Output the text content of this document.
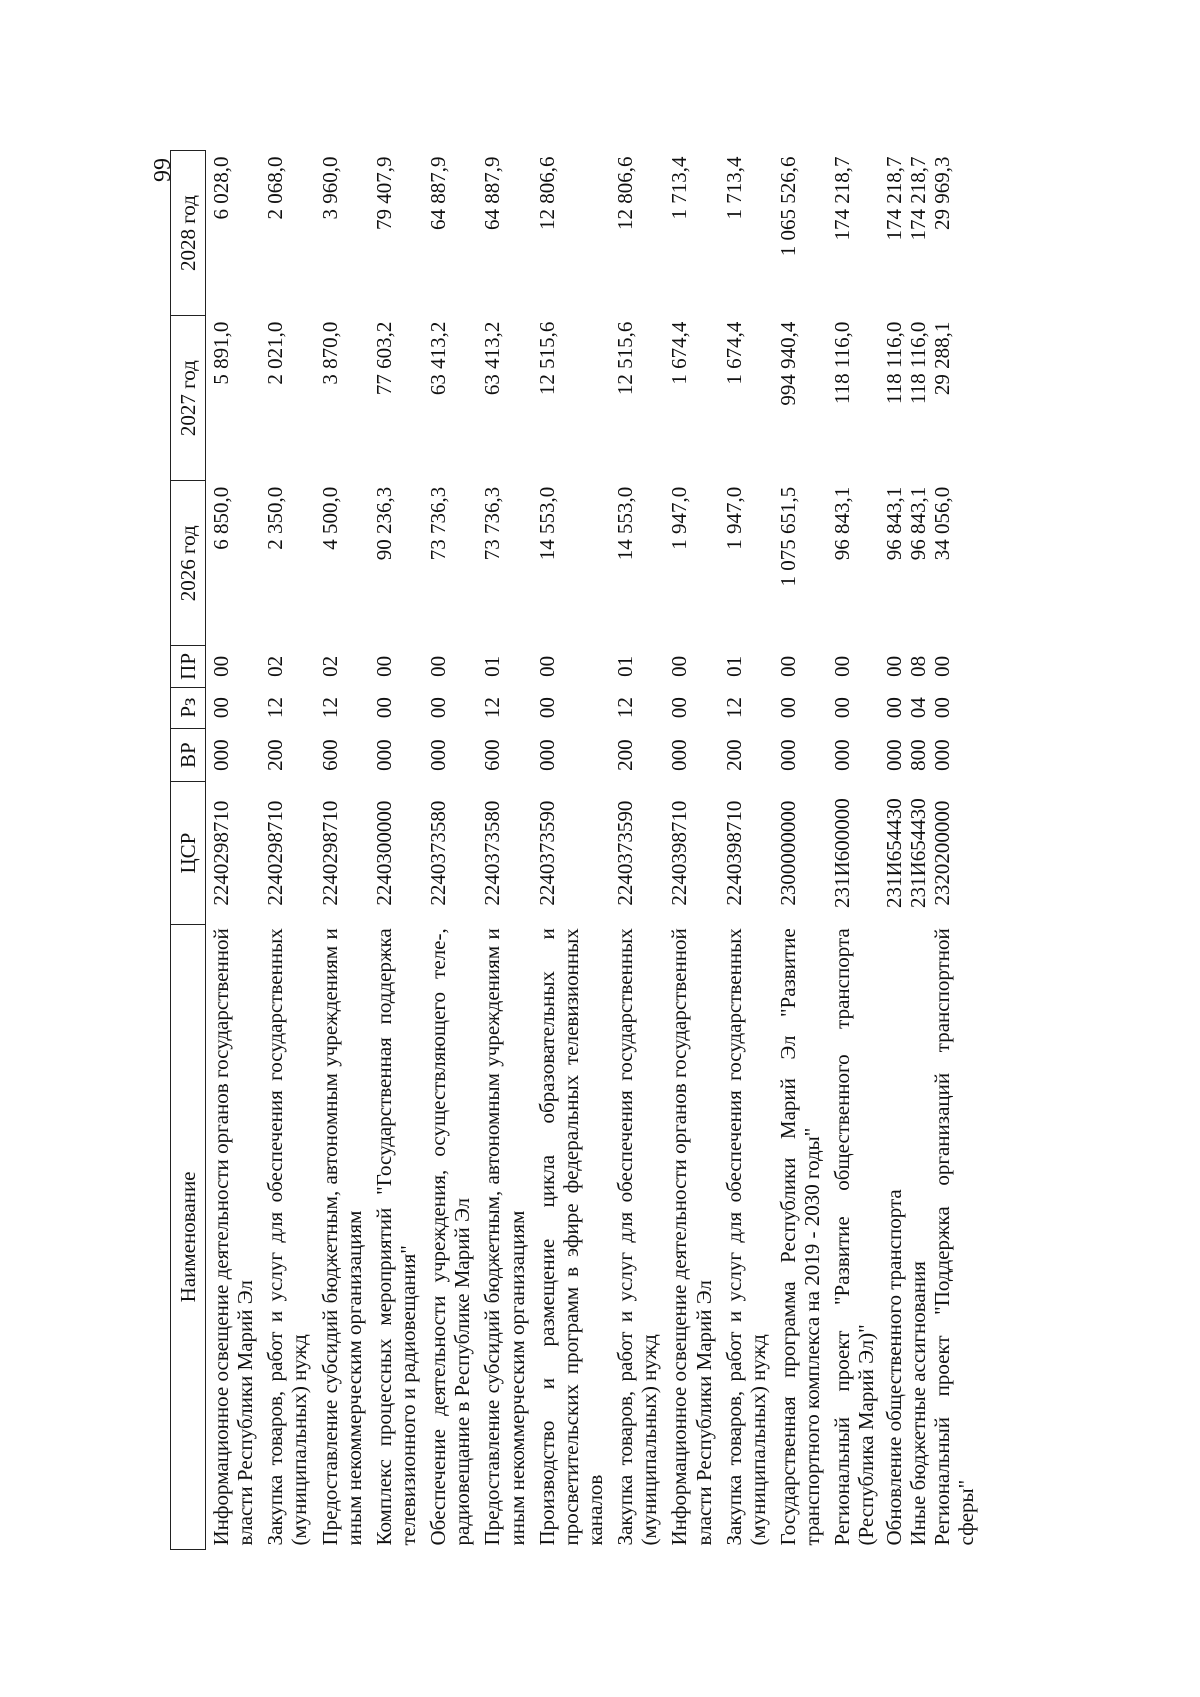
99
Наименование	ЦСР	ВР	Рз	ПР	2026 год	2027 год	2028 год
Информационное освещение деятельности органов государственной власти Республики Марий Эл	2240298710	000	00	00	6 850,0	5 891,0	6 028,0
Закупка товаров, работ и услуг для обеспечения государственных (муниципальных) нужд	2240298710	200	12	02	2 350,0	2 021,0	2 068,0
Предоставление субсидий бюджетным, автономным учреждениям и иным некоммерческим организациям	2240298710	600	12	02	4 500,0	3 870,0	3 960,0
Комплекс процессных мероприятий "Государственная поддержка телевизионного и радиовещания"	2240300000	000	00	00	90 236,3	77 603,2	79 407,9
Обеспечение деятельности учреждения, осуществляющего теле-, радиовещание в Республике Марий Эл	2240373580	000	00	00	73 736,3	63 413,2	64 887,9
Предоставление субсидий бюджетным, автономным учреждениям и иным некоммерческим организациям	2240373580	600	12	01	73 736,3	63 413,2	64 887,9
Производство и размещение цикла образовательных и просветительских программ в эфире федеральных телевизионных каналов	2240373590	000	00	00	14 553,0	12 515,6	12 806,6
Закупка товаров, работ и услуг для обеспечения государственных (муниципальных) нужд	2240373590	200	12	01	14 553,0	12 515,6	12 806,6
Информационное освещение деятельности органов государственной власти Республики Марий Эл	2240398710	000	00	00	1 947,0	1 674,4	1 713,4
Закупка товаров, работ и услуг для обеспечения государственных (муниципальных) нужд	2240398710	200	12	01	1 947,0	1 674,4	1 713,4
Государственная программа Республики Марий Эл "Развитие транспортного комплекса на 2019 - 2030 годы"	2300000000	000	00	00	1 075 651,5	994 940,4	1 065 526,6
Региональный проект "Развитие общественного транспорта (Республика Марий Эл)"	231И600000	000	00	00	96 843,1	118 116,0	174 218,7
Обновление общественного транспорта	231И654430	000	00	00	96 843,1	118 116,0	174 218,7
Иные бюджетные ассигнования	231И654430	800	04	08	96 843,1	118 116,0	174 218,7
Региональный проект "Поддержка организаций транспортной сферы"	2320200000	000	00	00	34 056,0	29 288,1	29 969,3
